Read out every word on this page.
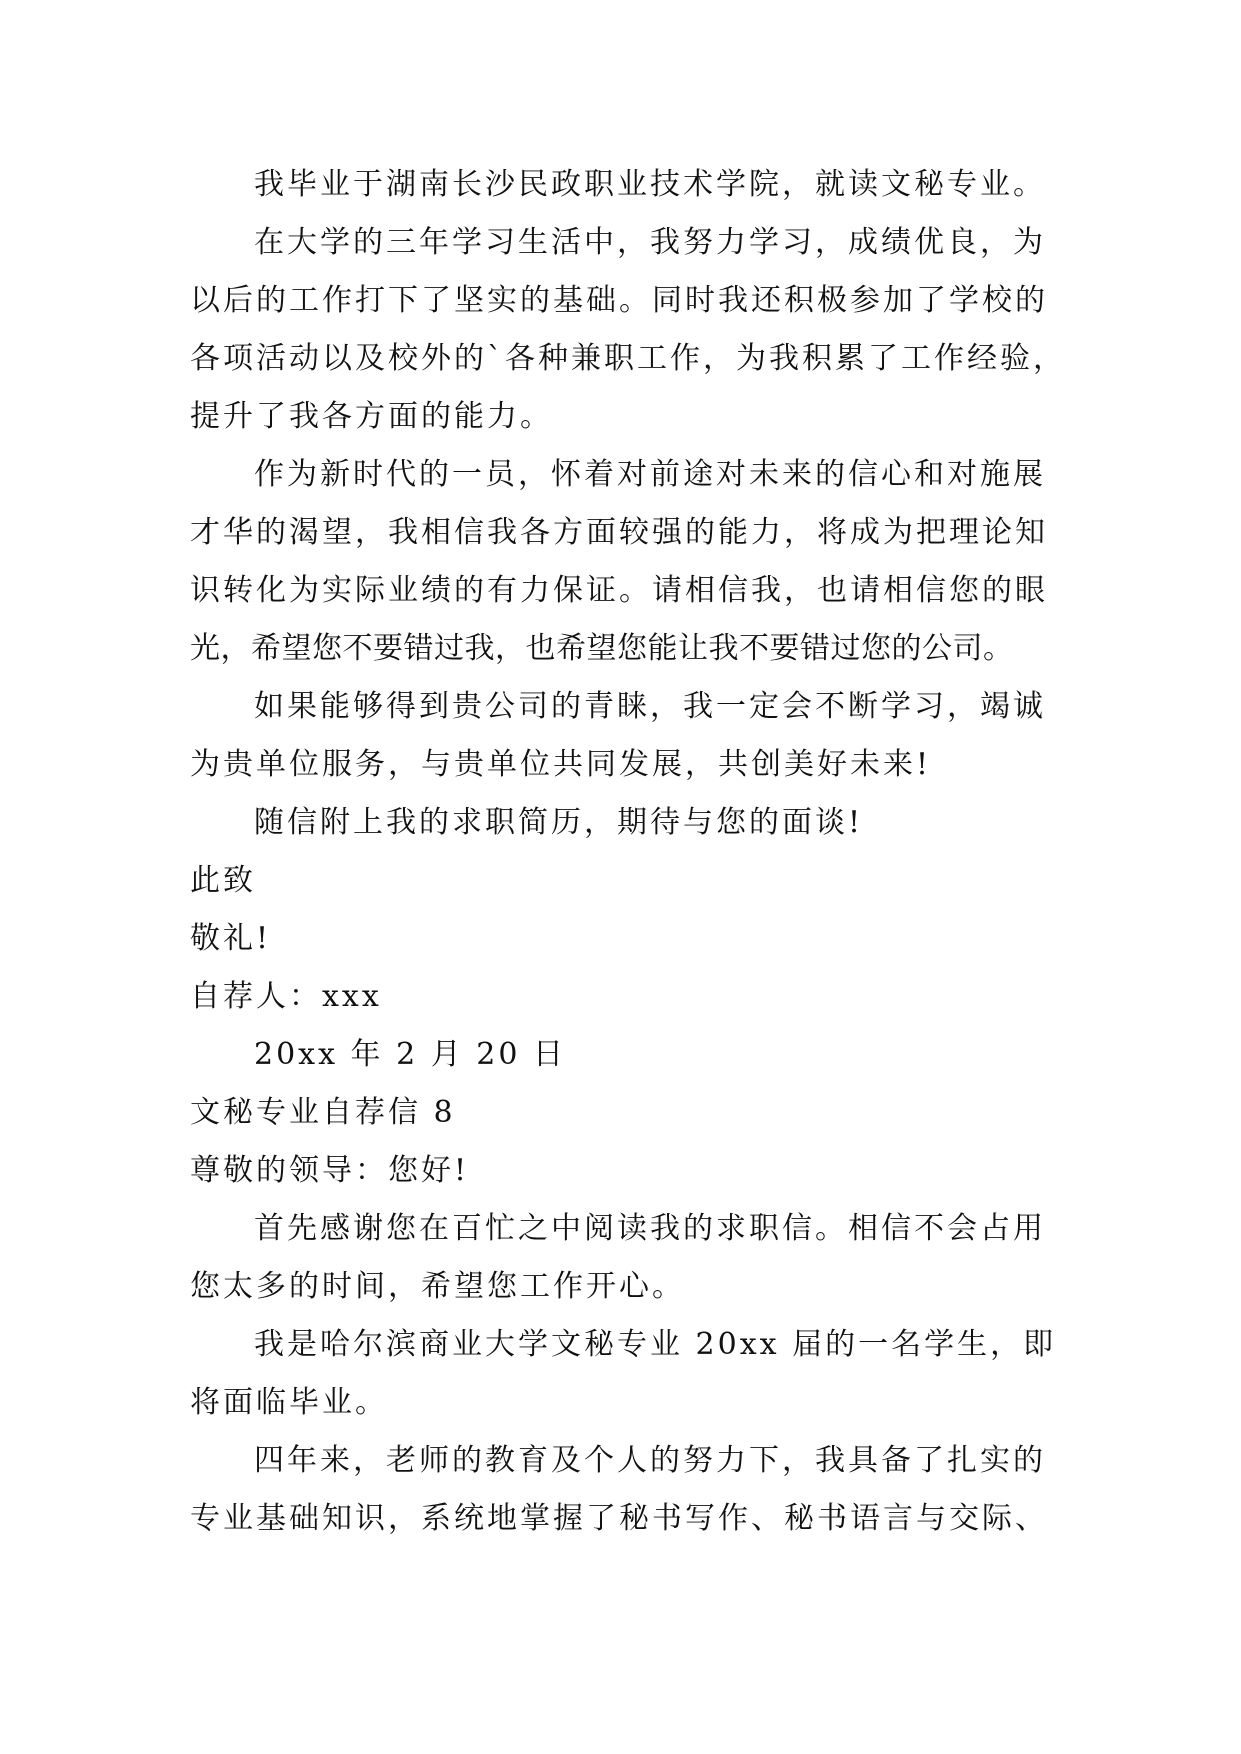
我毕业于湖南长沙民政职业技术学院，就读文秘专业。
在大学的三年学习生活中，我努力学习，成绩优良，为
以后的工作打下了坚实的基础。同时我还积极参加了学校的
各项活动以及校外的`各种兼职工作，为我积累了工作经验，
提升了我各方面的能力。
作为新时代的一员，怀着对前途对未来的信心和对施展
才华的渴望，我相信我各方面较强的能力，将成为把理论知
识转化为实际业绩的有力保证。请相信我，也请相信您的眼
光，希望您不要错过我，也希望您能让我不要错过您的公司。
如果能够得到贵公司的青睐，我一定会不断学习，竭诚
为贵单位服务，与贵单位共同发展，共创美好未来!
随信附上我的求职简历，期待与您的面谈!
此致
敬礼!
自荐人：xxx
20xx 年 2 月 20 日
文秘专业自荐信 8
尊敬的领导：您好!
首先感谢您在百忙之中阅读我的求职信。相信不会占用
您太多的时间，希望您工作开心。
我是哈尔滨商业大学文秘专业 20xx 届的一名学生，即
将面临毕业。
四年来，老师的教育及个人的努力下，我具备了扎实的
专业基础知识，系统地掌握了秘书写作、秘书语言与交际、
